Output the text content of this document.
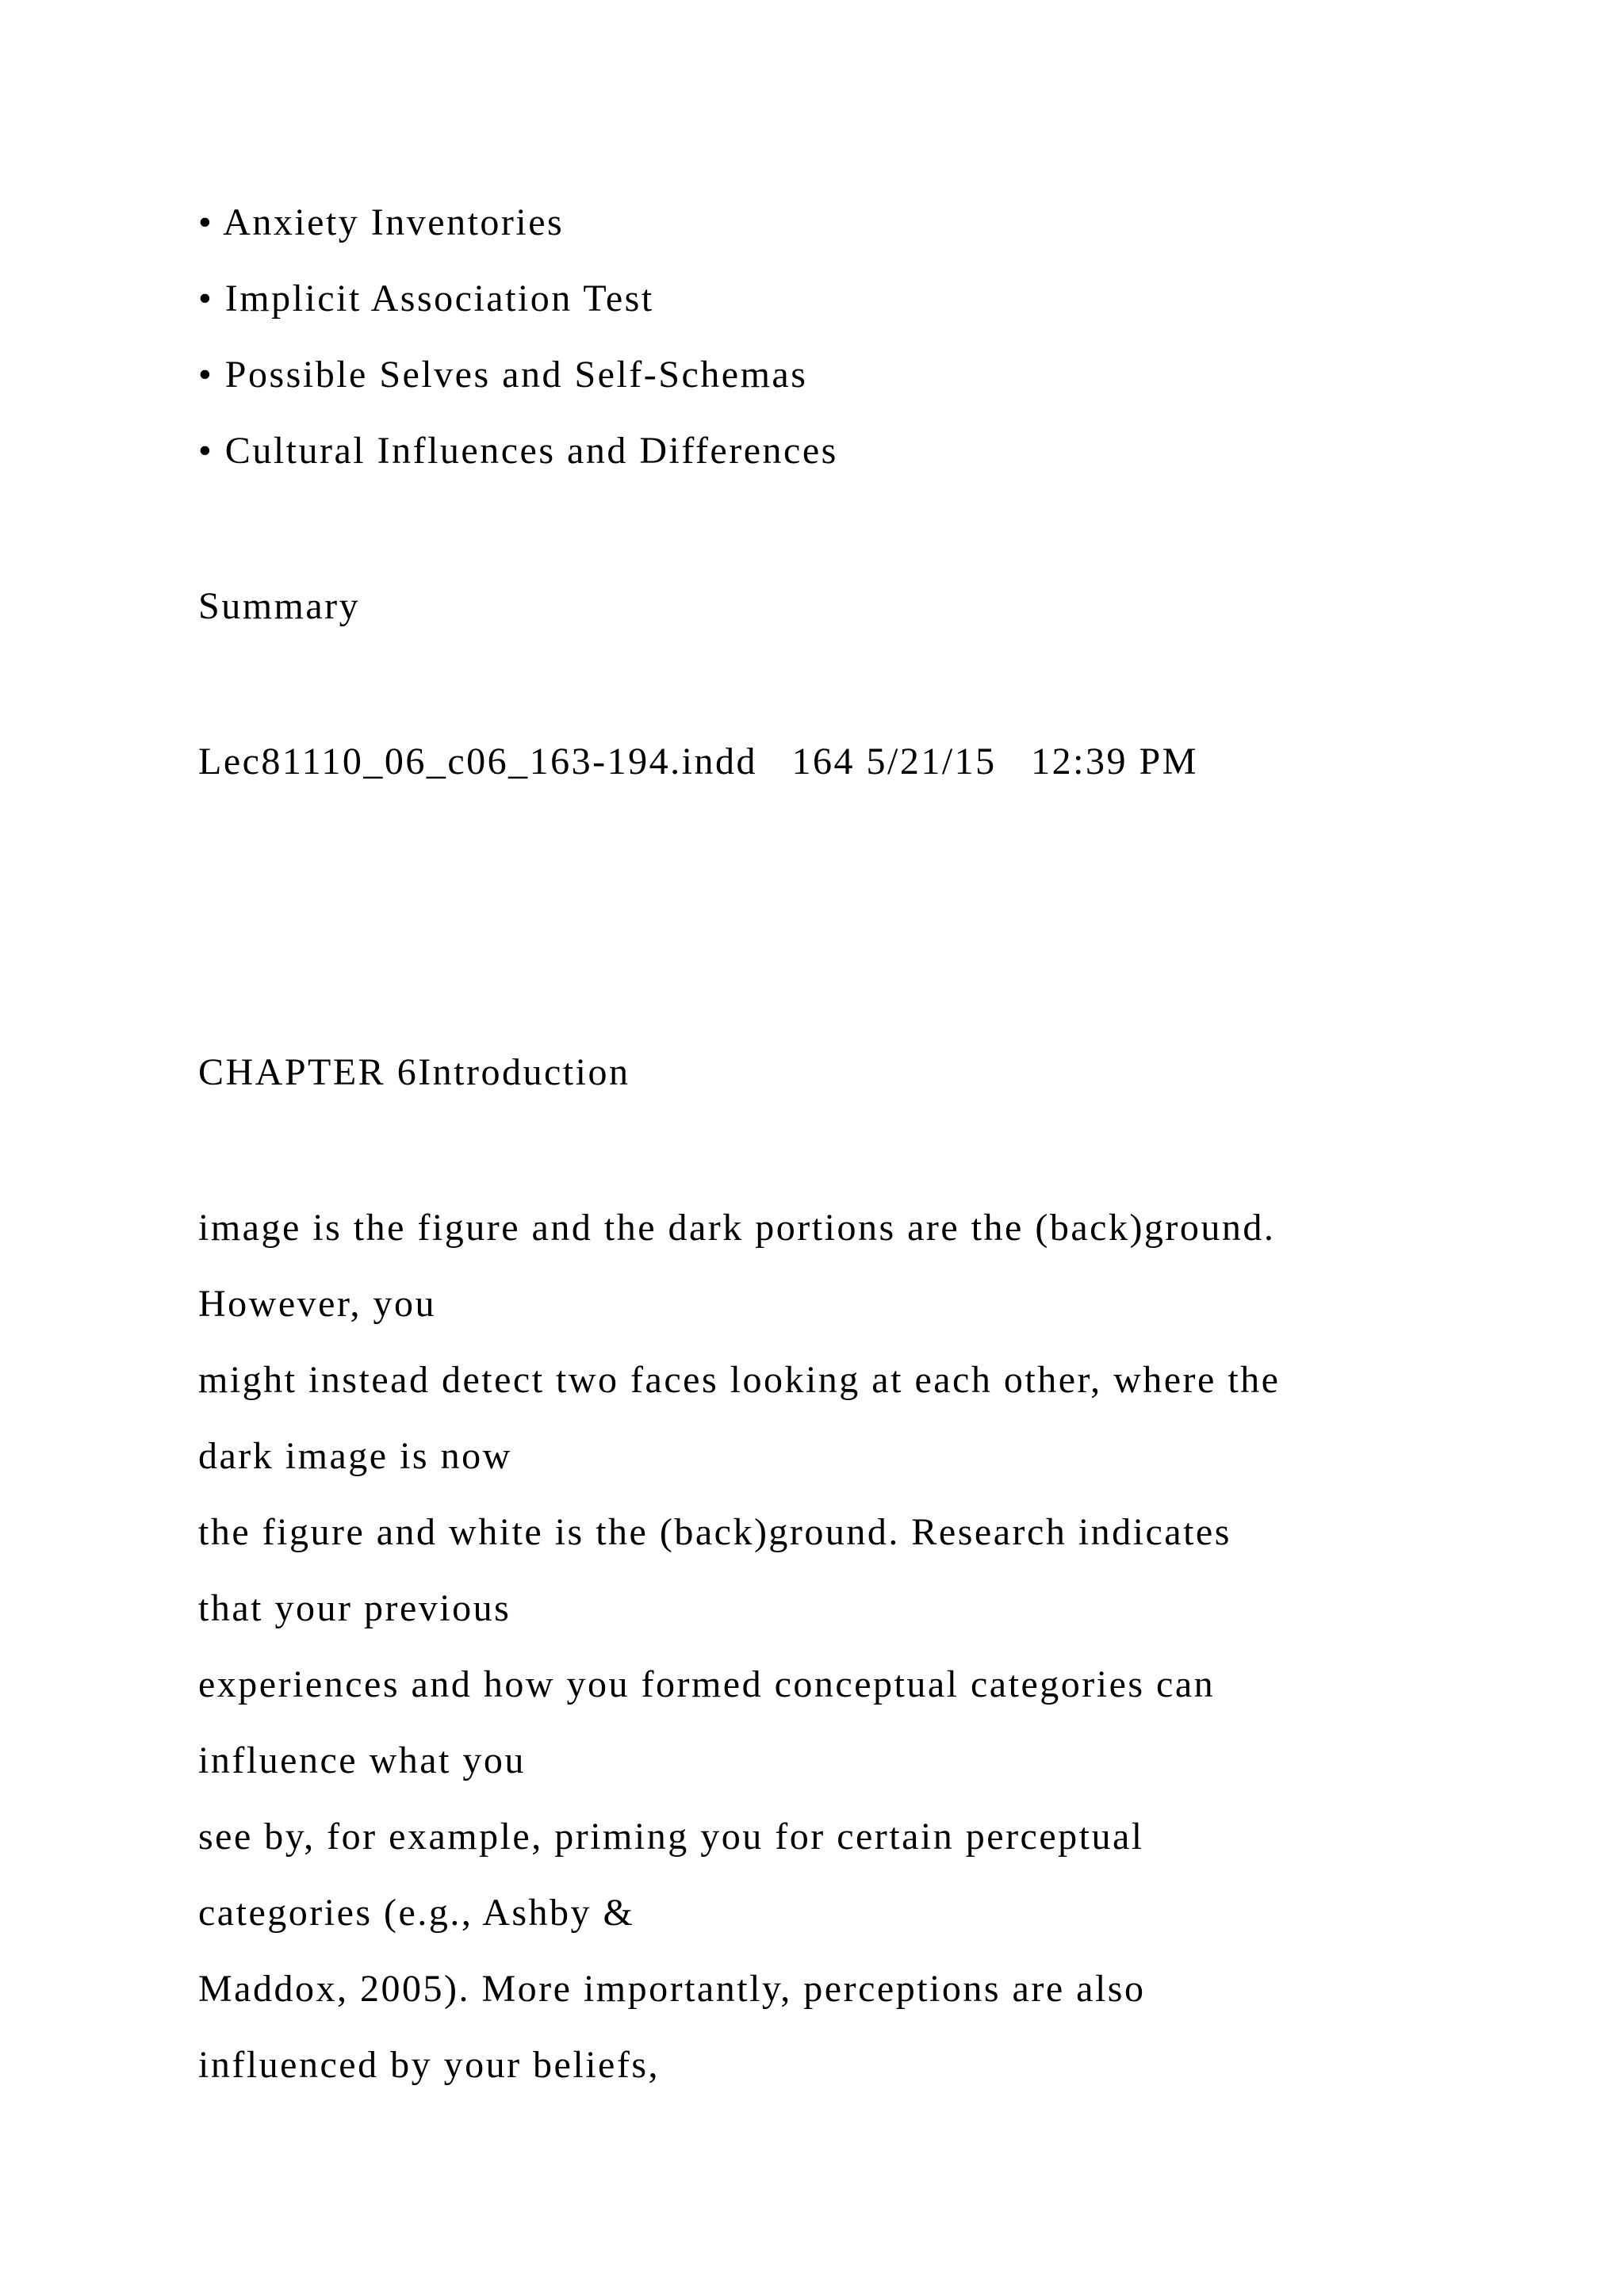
• Anxiety Inventories

• Implicit Association Test

• Possible Selves and Self-Schemas

• Cultural Influences and Differences

Summary

Lec81110_06_c06_163-194.indd   164 5/21/15   12:39 PM

CHAPTER 6Introduction

image is the figure and the dark portions are the (back)ground.

However, you

might instead detect two faces looking at each other, where the

dark image is now

the figure and white is the (back)ground. Research indicates

that your previous

experiences and how you formed conceptual categories can

influence what you

see by, for example, priming you for certain perceptual

categories (e.g., Ashby &

Maddox, 2005). More importantly, perceptions are also

influenced by your beliefs,
